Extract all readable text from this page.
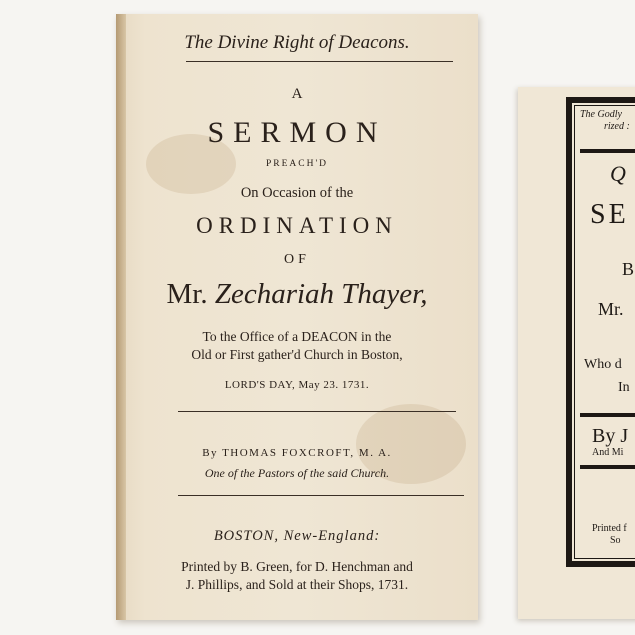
The Divine Right of Deacons.
A
SERMON
PREACH'D
On Occasion of the
ORDINATION
OF
Mr. Zechariah Thayer,
To the Office of a DEACON in the
Old or First gather'd Church in Boston,
LORD'S DAY, May 23. 1731.
By THOMAS FOXCROFT, M. A.
One of the Pastors of the said Church.
BOSTON, New-England:
Printed by B. Green, for D. Henchman and
J. Phillips, and Sold at their Shops, 1731.
The Godly
rized :
Q
SE
B
Mr.
Who d
In
By J
And Mi
Printed f
So
